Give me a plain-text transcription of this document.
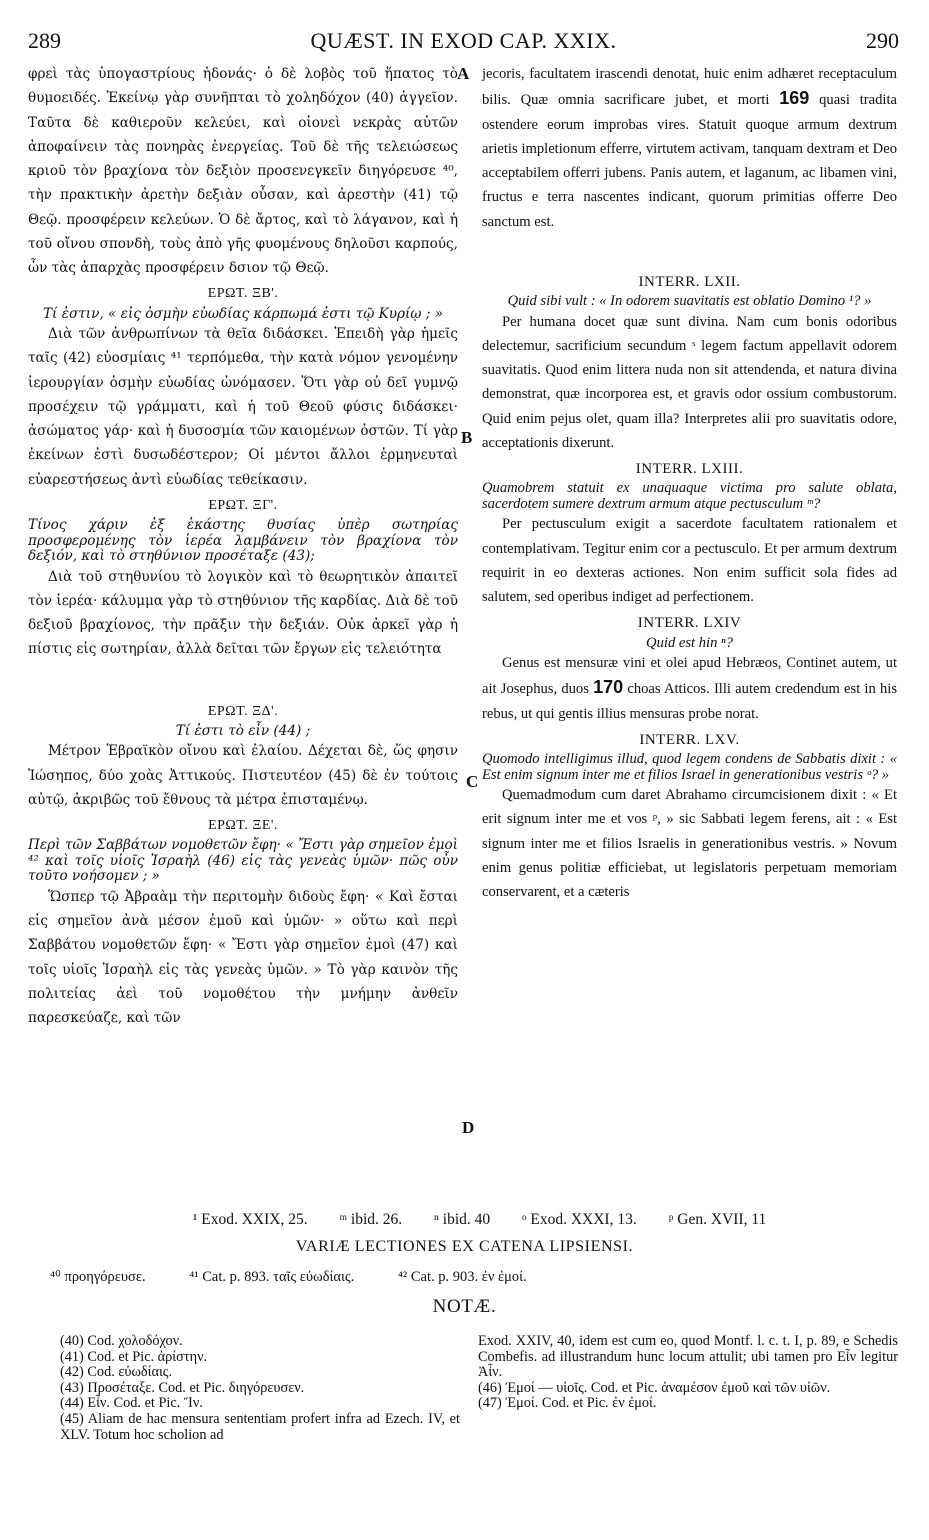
289	QUÆST. IN EXOD CAP. XXIX.	290
A
B
C
D

φρεὶ τὰς ὑπογαστρίους ἡδονάς· ὁ δὲ λοβὸς τοῦ ἥπατος τὸ θυμοειδές. Ἐκείνῳ γὰρ συνῆπται τὸ χοληδόχον (40) ἀγγεῖον. Ταῦτα δὲ καθιεροῦν κελεύει, καὶ οἱονεὶ νεκρὰς αὐτῶν ἀποφαίνειν τὰς πονηρὰς ἐνεργείας. Τοῦ δὲ τῆς τελειώσεως κριοῦ τὸν βραχίονα τὸν δεξιὸν προσενεγκεῖν διηγόρευσε ⁴⁰, τὴν πρακτικὴν ἀρετὴν δεξιὰν οὖσαν, καὶ ἀρεστὴν (41) τῷ Θεῷ. προσφέρειν κελεύων. Ὁ δὲ ἄρτος, καὶ τὸ λάγανον, καὶ ἡ τοῦ οἴνου σπονδὴ, τοὺς ἀπὸ γῆς φυομένους δηλοῦσι καρπούς, ὧν τὰς ἀπαρχὰς προσφέρειν δσιον τῷ Θεῷ.

ΕΡΩΤ. ΞΒ'.

Τί ἐστιν, « εἰς ὀσμὴν εὐωδίας κάρπωμά ἐστι τῷ Κυρίῳ ; »

Διὰ τῶν ἀνθρωπίνων τὰ θεῖα διδάσκει. Ἐπειδὴ γὰρ ἡμεῖς ταῖς (42) εὐοσμίαις ⁴¹ τερπόμεθα, τὴν κατὰ νόμον γενομένην ἱερουργίαν ὀσμὴν εὐωδίας ὠνόμασεν. Ὅτι γὰρ οὐ δεῖ γυμνῷ προσέχειν τῷ γράμματι, καὶ ἡ τοῦ Θεοῦ φύσις διδάσκει· ἀσώματος γάρ· καὶ ἡ δυσοσμία τῶν καιομένων ὀστῶν. Τί γὰρ ἐκείνων ἐστὶ δυσωδέστερον; Οἱ μέντοι ἄλλοι ἑρμηνευταὶ εὐαρεστήσεως ἀντὶ εὐωδίας τεθείκασιν.

ΕΡΩΤ. ΞΓ'.

Τίνος χάριν ἐξ ἑκάστης θυσίας ὑπὲρ σωτηρίας προσφερομένης τὸν ἱερέα λαμβάνειν τὸν βραχίονα τὸν δεξιόν, καὶ τὸ στηθύνιον προσέταξε (43);

Διὰ τοῦ στηθυνίου τὸ λογικὸν καὶ τὸ θεωρητικὸν ἀπαιτεῖ τὸν ἱερέα· κάλυμμα γὰρ τὸ στηθύνιον τῆς καρδίας. Διὰ δὲ τοῦ δεξιοῦ βραχίονος, τὴν πρᾶξιν τὴν δεξιάν. Οὐκ ἀρκεῖ γὰρ ἡ πίστις εἰς σωτηρίαν, ἀλλὰ δεῖται τῶν ἔργων εἰς τελειότητα

ΕΡΩΤ. ΞΔ'.

Τί ἐστι τὸ εἶν (44) ;

Μέτρον Ἑβραϊκὸν οἴνου καὶ ἐλαίου. Δέχεται δὲ, ὥς φησιν Ἰώσηπος, δύο χοὰς Ἀττικούς. Πιστευτέον (45) δὲ ἐν τούτοις αὐτῷ, ἀκριβῶς τοῦ ἔθνους τὰ μέτρα ἐπισταμένῳ.

ΕΡΩΤ. ΞΕ'.

Περὶ τῶν Σαββάτων νομοθετῶν ἔφη· « Ἔστι γὰρ σημεῖον ἐμοὶ ⁴² καὶ τοῖς υἱοῖς Ἰσραὴλ (46) εἰς τὰς γενεὰς ὑμῶν· πῶς οὖν τοῦτο νοήσομεν ; »

Ὥσπερ τῷ Ἀβραὰμ τὴν περιτομὴν διδοὺς ἔφη· « Καὶ ἔσται εἰς σημεῖον ἀνὰ μέσον ἐμοῦ καὶ ὑμῶν· » οὕτω καὶ περὶ Σαββάτου νομοθετῶν ἔφη· « Ἔστι γὰρ σημεῖον ἐμοὶ (47) καὶ τοῖς υἱοῖς Ἰσραὴλ εἰς τὰς γενεὰς ὑμῶν. » Τὸ γὰρ καινὸν τῆς πολιτείας ἀεὶ τοῦ νομοθέτου τὴν μνήμην ἀνθεῖν παρεσκεύαζε, καὶ τῶν

jecoris, facultatem irascendi denotat, huic enim adhæret receptaculum bilis. Quæ omnia sacrificare jubet, et morti 169 quasi tradita ostendere eorum improbas vires. Statuit quoque armum dextrum arietis impletionum efferre, virtutem activam, tanquam dextram et Deo acceptabilem offerri jubens. Panis autem, et laganum, ac libamen vini, fructus e terra nascentes indicant, quorum primitias offerre Deo sanctum est.

INTERR. LXII.

Quid sibi vult : « In odorem suavitatis est oblatio Domino ¹? »

Per humana docet quæ sunt divina. Nam cum bonis odoribus delectemur, sacrificium secundum ˢ legem factum appellavit odorem suavitatis. Quod enim littera nuda non sit attendenda, et natura divina demonstrat, quæ incorporea est, et gravis odor ossium combustorum. Quid enim pejus olet, quam illa? Interpretes alii pro suavitatis odore, acceptationis dixerunt.

INTERR. LXIII.

Quamobrem statuit ex unaquaque victima pro salute oblata, sacerdotem sumere dextrum armum atque pectusculum ᵐ?

Per pectusculum exigit a sacerdote facultatem rationalem et contemplativam. Tegitur enim cor a pectusculo. Et per armum dextrum requirit in eo dexteras actiones. Non enim sufficit sola fides ad salutem, sed operibus indiget ad perfectionem.

INTERR. LXIV

Quid est hin ⁿ?

Genus est mensuræ vini et olei apud Hebræos, Continet autem, ut ait Josephus, duos 170 choas Atticos. Illi autem credendum est in his rebus, ut qui gentis illius mensuras probe norat.

INTERR. LXV.

Quomodo intelligimus illud, quod legem condens de Sabbatis dixit : « Est enim signum inter me et filios Israel in generationibus vestris ᵒ? »

Quemadmodum cum daret Abrahamo circumcisionem dixit : « Et erit signum inter me et vos ᵖ, » sic Sabbati legem ferens, ait : « Est signum inter me et filios Israelis in generationibus vestris. » Novum enim genus politiæ efficiebat, ut legislatoris perpetuam memoriam conservarent, et a cæteris

¹ Exod. XXIX, 25. ᵐ ibid. 26. ⁿ ibid. 40 ᵒ Exod. XXXI, 13. ᵖ Gen. XVII, 11
VARIÆ LECTIONES EX CATENA LIPSIENSI.
⁴⁰ προηγόρευσε.	⁴¹ Cat. p. 893. ταῖς εὐωδίαις.	⁴² Cat. p. 903. ἐν ἐμοί.
NOTÆ.
(40) Cod. χολοδόχον.
(41) Cod. et Pic. ἀρίστην.
(42) Cod. εὐωδίαις.
(43) Προσέταξε. Cod. et Pic. διηγόρευσεν.
(44) Εἶν. Cod. et Pic. Ἴν.
(45) Aliam de hac mensura sententiam profert infra ad Ezech. IV, et XLV. Totum hoc scholion ad
Exod. XXIV, 40, idem est cum eo, quod Montf. l. c. t. I, p. 89, e Schedis Combefis. ad illustrandum hunc locum attulit; ubi tamen pro Εἶν legitur Ἀἶν.
(46) Ἐμοί — υἱοῖς. Cod. et Pic. ἀναμέσον ἐμοῦ καὶ τῶν υἱῶν.
(47) Ἐμοί. Cod. et Pic. ἐν ἐμοί.
